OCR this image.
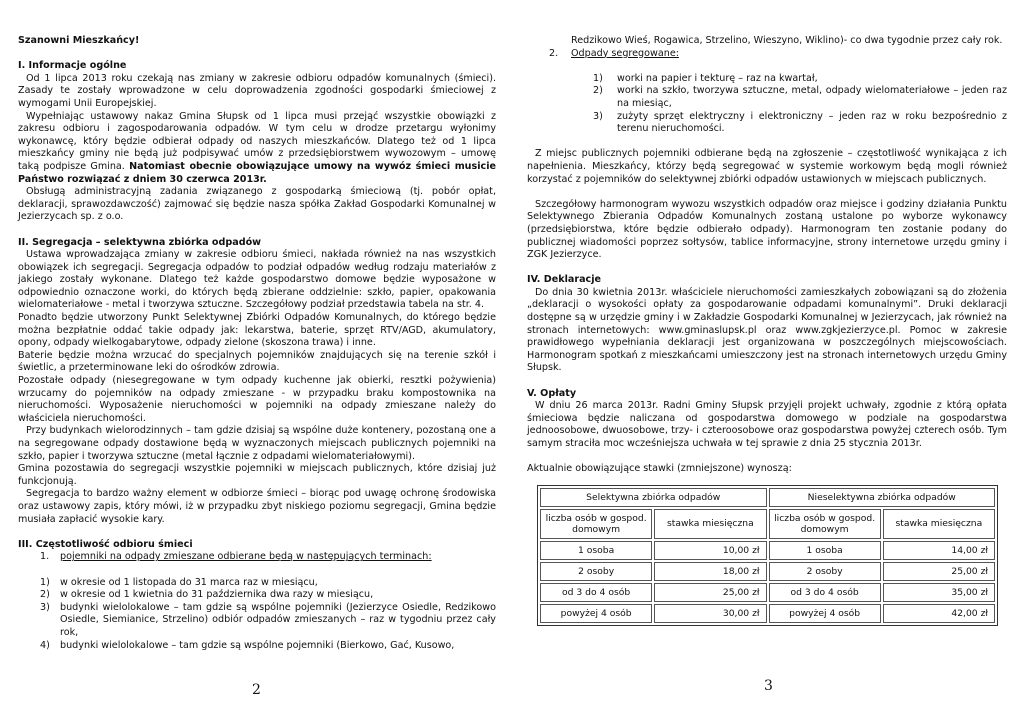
Szanowni Mieszkańcy!

I. Informacje ogólne

Od 1 lipca 2013 roku czekają nas zmiany w zakresie odbioru odpadów komunalnych (śmieci). Zasady te zostały wprowadzone w celu doprowadzenia zgodności gospodarki śmieciowej z wymogami Unii Europejskiej.

Wypełniając ustawowy nakaz Gmina Słupsk od 1 lipca musi przejąć wszystkie obowiązki z zakresu odbioru i zagospodarowania odpadów. W tym celu w drodze przetargu wyłonimy wykonawcę, który będzie odbierał odpady od naszych mieszkańców. Dlatego też od 1 lipca mieszkańcy gminy nie będą już podpisywać umów z przedsiębiorstwem wywozowym – umowę taką podpisze Gmina. Natomiast obecnie obowiązujące umowy na wywóz śmieci musicie Państwo rozwiązać z dniem 30 czerwca 2013r.

Obsługą administracyjną zadania związanego z gospodarką śmieciową (tj. pobór opłat, deklaracji, sprawozdawczość) zajmować się będzie nasza spółka Zakład Gospodarki Komunalnej w Jezierzycach sp. z o.o.

II. Segregacja – selektywna zbiórka odpadów

Ustawa wprowadzająca zmiany w zakresie odbioru śmieci, nakłada również na nas wszystkich obowiązek ich segregacji. Segregacja odpadów to podział odpadów według rodzaju materiałów z jakiego zostały wykonane. Dlatego też każde gospodarstwo domowe będzie wyposażone w odpowiednio oznaczone worki, do których będą zbierane oddzielnie: szkło, papier, opakowania wielomateriałowe - metal i tworzywa sztuczne. Szczegółowy podział przedstawia tabela na str. 4.

Ponadto będzie utworzony Punkt Selektywnej Zbiórki Odpadów Komunalnych, do którego będzie można bezpłatnie oddać takie odpady jak: lekarstwa, baterie, sprzęt RTV/AGD, akumulatory, opony, odpady wielkogabarytowe, odpady zielone (skoszona trawa) i inne.

Baterie będzie można wrzucać do specjalnych pojemników znajdujących się na terenie szkół i świetlic, a przeterminowane leki do ośrodków zdrowia.

Pozostałe odpady (niesegregowane w tym odpady kuchenne jak obierki, resztki pożywienia) wrzucamy do pojemników na odpady zmieszane - w przypadku braku kompostownika na nieruchomości. Wyposażenie nieruchomości w pojemniki na odpady zmieszane należy do właściciela nieruchomości.

Przy budynkach wielorodzinnych – tam gdzie dzisiaj są wspólne duże kontenery, pozostaną one a na segregowane odpady dostawione będą w wyznaczonych miejscach publicznych pojemniki na szkło, papier i tworzywa sztuczne (metal łącznie z odpadami wielomateriałowymi).

Gmina pozostawia do segregacji wszystkie pojemniki w miejscach publicznych, które dzisiaj już funkcjonują.

Segregacja to bardzo ważny element w odbiorze śmieci – biorąc pod uwagę ochronę środowiska oraz ustawowy zapis, który mówi, iż w przypadku zbyt niskiego poziomu segregacji, Gmina będzie musiała zapłacić wysokie kary.

III. Częstotliwość odbioru śmieci

1.	pojemniki na odpady zmieszane odbierane będą w następujących terminach:
1)	w okresie od 1 listopada do 31 marca raz w miesiącu,
2)	w okresie od 1 kwietnia do 31 października dwa razy w miesiącu,
3)	budynki wielolokalowe – tam gdzie są wspólne pojemniki (Jezierzyce Osiedle, Redzikowo Osiedle, Siemianice, Strzelino) odbiór odpadów zmieszanych – raz w tygodniu przez cały rok,
4)	budynki wielolokalowe – tam gdzie są wspólne pojemniki (Bierkowo, Gać, Kusowo,
2
Redzikowo Wieś, Rogawica, Strzelino, Wieszyno, Wiklino)- co dwa tygodnie przez cały rok.
2.	Odpady segregowane:
1)	worki na papier i tekturę – raz na kwartał,
2)	worki na szkło, tworzywa sztuczne, metal, odpady wielomateriałowe – jeden raz na miesiąc,
3)	zużyty sprzęt elektryczny i elektroniczny – jeden raz w roku bezpośrednio z terenu nieruchomości.

Z miejsc publicznych pojemniki odbierane będą na zgłoszenie – częstotliwość wynikająca z ich napełnienia. Mieszkańcy, którzy będą segregować w systemie workowym będą mogli również korzystać z pojemników do selektywnej zbiórki odpadów ustawionych w miejscach publicznych.

Szczegółowy harmonogram wywozu wszystkich odpadów oraz miejsce i godziny działania Punktu Selektywnego Zbierania Odpadów Komunalnych zostaną ustalone po wyborze wykonawcy (przedsiębiorstwa, które będzie odbierało odpady). Harmonogram ten zostanie podany do publicznej wiadomości poprzez sołtysów, tablice informacyjne, strony internetowe urzędu gminy i ZGK Jezierzyce.

IV. Deklaracje

Do dnia 30 kwietnia 2013r. właściciele nieruchomości zamieszkałych zobowiązani są do złożenia „deklaracji o wysokości opłaty za gospodarowanie odpadami komunalnymi”. Druki deklaracji dostępne są w urzędzie gminy i w Zakładzie Gospodarki Komunalnej w Jezierzycach, jak również na stronach internetowych: www.gminaslupsk.pl oraz www.zgkjezierzyce.pl. Pomoc w zakresie prawidłowego wypełniania deklaracji jest organizowana w poszczególnych miejscowościach. Harmonogram spotkań z mieszkańcami umieszczony jest na stronach internetowych urzędu Gminy Słupsk.

V. Opłaty

W dniu 26 marca 2013r. Radni Gminy Słupsk przyjęli projekt uchwały, zgodnie z którą opłata śmieciowa będzie naliczana od gospodarstwa domowego w podziale na gospodarstwa jednoosobowe, dwuosobowe, trzy- i czteroosobowe oraz gospodarstwa powyżej czterech osób. Tym samym straciła moc wcześniejsza uchwała w tej sprawie z dnia 25 stycznia 2013r.

Aktualnie obowiązujące stawki (zmniejszone) wynoszą:

Selektywna zbiórka odpadów		Nieselektywna zbiórka odpadów	
liczba osób w gospod. domowym	stawka miesięczna	liczba osób w gospod. domowym	stawka miesięczna
1 osoba	10,00 zł	1 osoba	14,00 zł
2 osoby	18,00 zł	2 osoby	25,00 zł
od 3 do 4 osób	25,00 zł	od 3 do 4 osób	35,00 zł
powyżej 4 osób	30,00 zł	powyżej 4 osób	42,00 zł
3
